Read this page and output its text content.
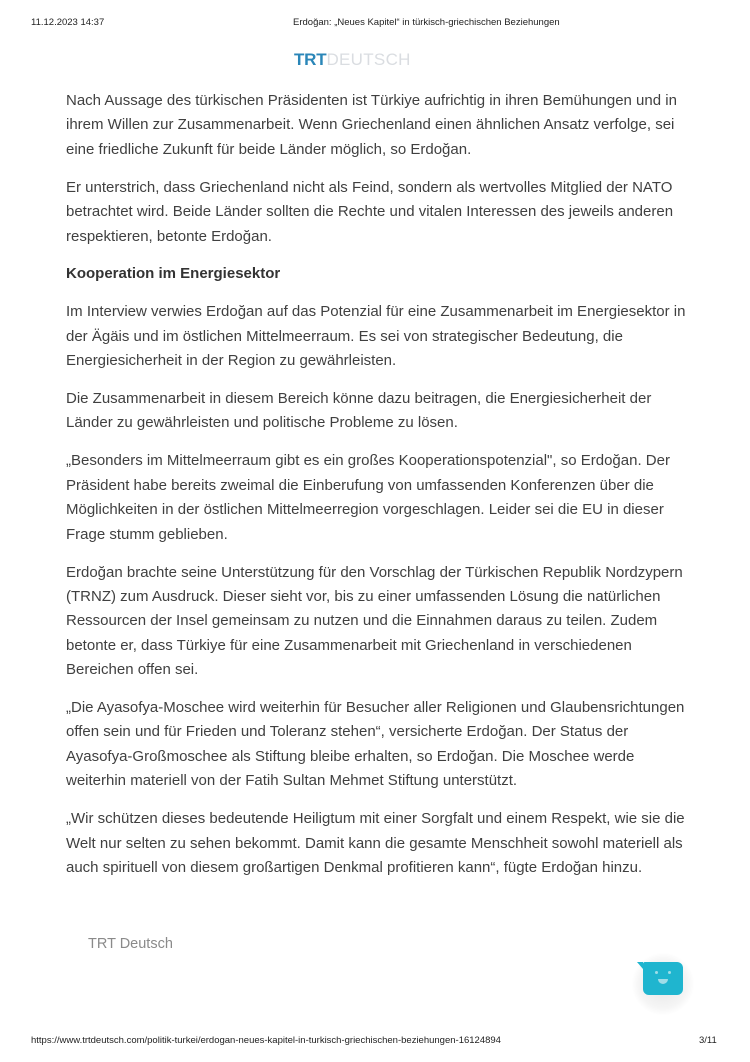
11.12.2023 14:37	Erdoğan: „Neues Kapitel“ in türkisch-griechischen Beziehungen
TRTDEUTSCH

Nach Aussage des türkischen Präsidenten ist Türkiye aufrichtig in ihren Bemühungen und in ihrem Willen zur Zusammenarbeit. Wenn Griechenland einen ähnlichen Ansatz verfolge, sei eine friedliche Zukunft für beide Länder möglich, so Erdoğan.

Er unterstrich, dass Griechenland nicht als Feind, sondern als wertvolles Mitglied der NATO betrachtet wird. Beide Länder sollten die Rechte und vitalen Interessen des jeweils anderen respektieren, betonte Erdoğan.

Kooperation im Energiesektor

Im Interview verwies Erdoğan auf das Potenzial für eine Zusammenarbeit im Energiesektor in der Ägäis und im östlichen Mittelmeerraum. Es sei von strategischer Bedeutung, die Energiesicherheit in der Region zu gewährleisten.

Die Zusammenarbeit in diesem Bereich könne dazu beitragen, die Energiesicherheit der Länder zu gewährleisten und politische Probleme zu lösen.

„Besonders im Mittelmeerraum gibt es ein großes Kooperationspotenzial", so Erdoğan. Der Präsident habe bereits zweimal die Einberufung von umfassenden Konferenzen über die Möglichkeiten in der östlichen Mittelmeerregion vorgeschlagen. Leider sei die EU in dieser Frage stumm geblieben.

Erdoğan brachte seine Unterstützung für den Vorschlag der Türkischen Republik Nordzypern (TRNZ) zum Ausdruck. Dieser sieht vor, bis zu einer umfassenden Lösung die natürlichen Ressourcen der Insel gemeinsam zu nutzen und die Einnahmen daraus zu teilen. Zudem betonte er, dass Türkiye für eine Zusammenarbeit mit Griechenland in verschiedenen Bereichen offen sei.

„Die Ayasofya-Moschee wird weiterhin für Besucher aller Religionen und Glaubensrichtungen offen sein und für Frieden und Toleranz stehen“, versicherte Erdoğan. Der Status der Ayasofya-Großmoschee als Stiftung bleibe erhalten, so Erdoğan. Die Moschee werde weiterhin materiell von der Fatih Sultan Mehmet Stiftung unterstützt.

„Wir schützen dieses bedeutende Heiligtum mit einer Sorgfalt und einem Respekt, wie sie die Welt nur selten zu sehen bekommt. Damit kann die gesamte Menschheit sowohl materiell als auch spirituell von diesem großartigen Denkmal profitieren kann“, fügte Erdoğan hinzu.

TRT Deutsch
https://www.trtdeutsch.com/politik-turkei/erdogan-neues-kapitel-in-turkisch-griechischen-beziehungen-16124894	3/11
